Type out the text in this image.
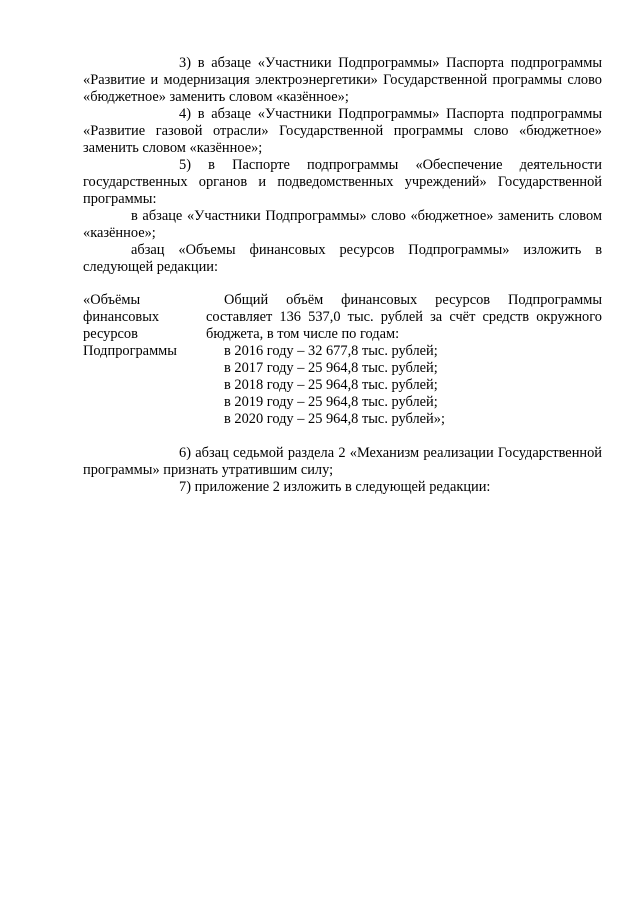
3) в абзаце «Участники Подпрограммы» Паспорта подпрограммы «Развитие и модернизация электроэнергетики» Государственной программы слово «бюджетное» заменить словом «казённое»;

4) в абзаце «Участники Подпрограммы» Паспорта подпрограммы «Развитие газовой отрасли» Государственной программы слово «бюджетное» заменить словом «казённое»;

5) в Паспорте подпрограммы «Обеспечение деятельности государственных органов и подведомственных учреждений» Государственной программы:

в абзаце «Участники Подпрограммы» слово «бюджетное» заменить словом «казённое»;

абзац «Объемы финансовых ресурсов Подпрограммы» изложить в следующей редакции:

«Объёмы финансовых ресурсов Подпрограммы

Общий объём финансовых ресурсов Подпрограммы составляет 136 537,0 тыс. рублей за счёт средств окружного бюджета, в том числе по годам:

в 2016 году – 32 677,8 тыс. рублей;
в 2017 году – 25 964,8 тыс. рублей;
в 2018 году – 25 964,8 тыс. рублей;
в 2019 году – 25 964,8 тыс. рублей;
в 2020 году – 25 964,8 тыс. рублей»;

6) абзац седьмой раздела 2 «Механизм реализации Государственной программы» признать утратившим силу;

7) приложение 2 изложить в следующей редакции:
